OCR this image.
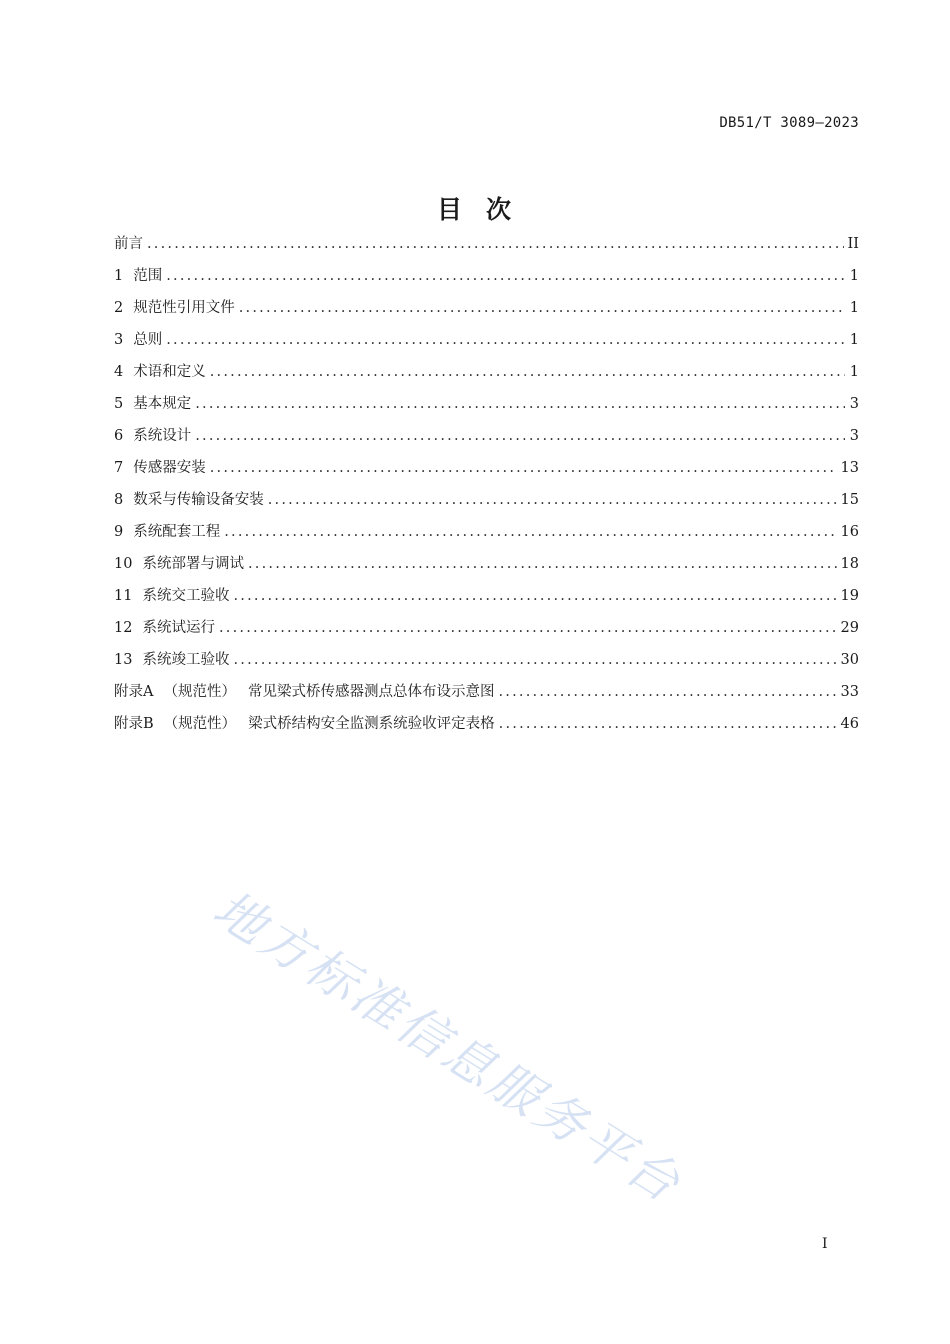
DB51/T 3089—2023
目 次
前言 .....	II
1 范围 .....	1
2 规范性引用文件 .....	1
3 总则 .....	1
4 术语和定义 .....	1
5 基本规定 .....	3
6 系统设计 .....	3
7 传感器安装 .....	13
8 数采与传输设备安装 .....	15
9 系统配套工程 .....	16
10 系统部署与调试 .....	18
11 系统交工验收 .....	19
12 系统试运行 .....	29
13 系统竣工验收 .....	30
附录A （规范性） 常见梁式桥传感器测点总体布设示意图 .....	33
附录B （规范性） 梁式桥结构安全监测系统验收评定表格 .....	46
地方标准信息服务平台
I
